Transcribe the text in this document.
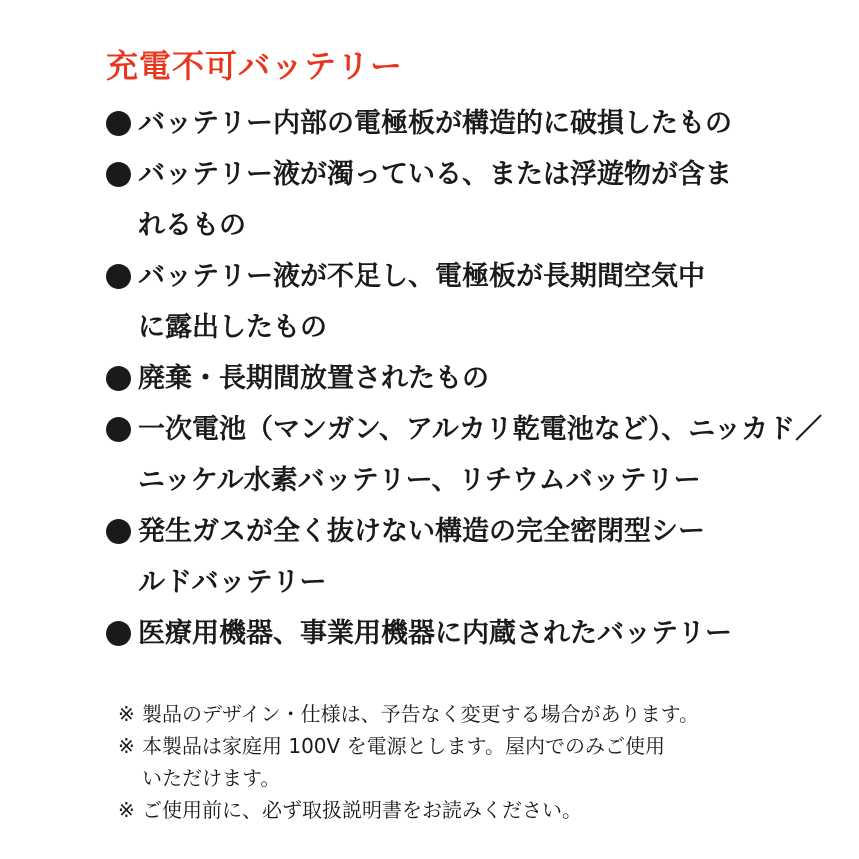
充電不可バッテリー
バッテリー内部の電極板が構造的に破損したもの
バッテリー液が濁っている、または浮遊物が含ま
れるもの
バッテリー液が不足し、電極板が長期間空気中
に露出したもの
廃棄・長期間放置されたもの
一次電池（マンガン、アルカリ乾電池など）、ニッカド／
ニッケル水素バッテリー、リチウムバッテリー
発生ガスが全く抜けない構造の完全密閉型シー
ルドバッテリー
医療用機器、事業用機器に内蔵されたバッテリー
※ 製品のデザイン・仕様は、予告なく変更する場合があります。
※ 本製品は家庭用 100V を電源とします。屋内でのみご使用
いただけます。
※ ご使用前に、必ず取扱説明書をお読みください。
